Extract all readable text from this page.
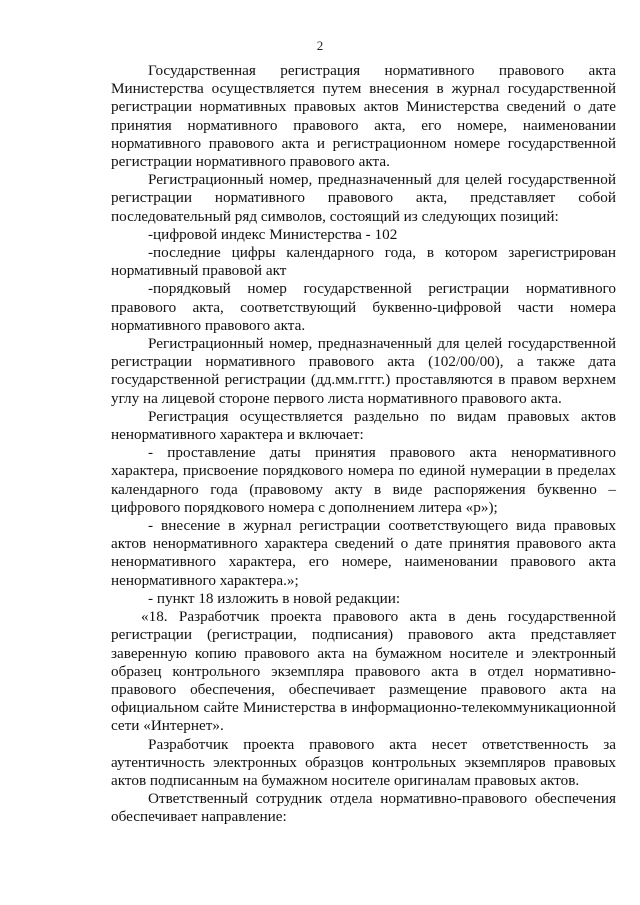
2

Государственная регистрация нормативного правового акта Министерства осуществляется путем внесения в журнал государственной регистрации нормативных правовых актов Министерства сведений о дате принятия нормативного правового акта, его номере, наименовании нормативного правового акта и регистрационном номере государственной регистрации нормативного правового акта.

Регистрационный номер, предназначенный для целей государственной регистрации нормативного правового акта, представляет собой последовательный ряд символов, состоящий из следующих позиций:

-цифровой индекс Министерства - 102

-последние цифры календарного года, в котором зарегистрирован нормативный правовой акт

-порядковый номер государственной регистрации нормативного правового акта, соответствующий буквенно-цифровой части номера нормативного правового акта.

Регистрационный номер, предназначенный для целей государственной регистрации нормативного правового акта (102/00/00), а также дата государственной регистрации (дд.мм.гггг.) проставляются в правом верхнем углу на лицевой стороне первого листа нормативного правового акта.

Регистрация осуществляется раздельно по видам правовых актов ненормативного характера и включает:

- проставление даты принятия правового акта ненормативного характера, присвоение порядкового номера по единой нумерации в пределах календарного года (правовому акту в виде распоряжения буквенно – цифрового порядкового номера с дополнением литера «р»);

- внесение в журнал регистрации соответствующего вида правовых актов ненормативного характера сведений о дате принятия правового акта ненормативного характера, его номере, наименовании правового акта ненормативного характера.»;

- пункт 18 изложить в новой редакции:

«18. Разработчик проекта правового акта в день государственной регистрации (регистрации, подписания) правового акта представляет заверенную копию правового акта на бумажном носителе и электронный образец контрольного экземпляра правового акта в отдел нормативно-правового обеспечения, обеспечивает размещение правового акта на официальном сайте Министерства в информационно-телекоммуникационной сети «Интернет».

Разработчик проекта правового акта несет ответственность за аутентичность электронных образцов контрольных экземпляров правовых актов подписанным на бумажном носителе оригиналам правовых актов.

Ответственный сотрудник отдела нормативно-правового обеспечения обеспечивает направление:
